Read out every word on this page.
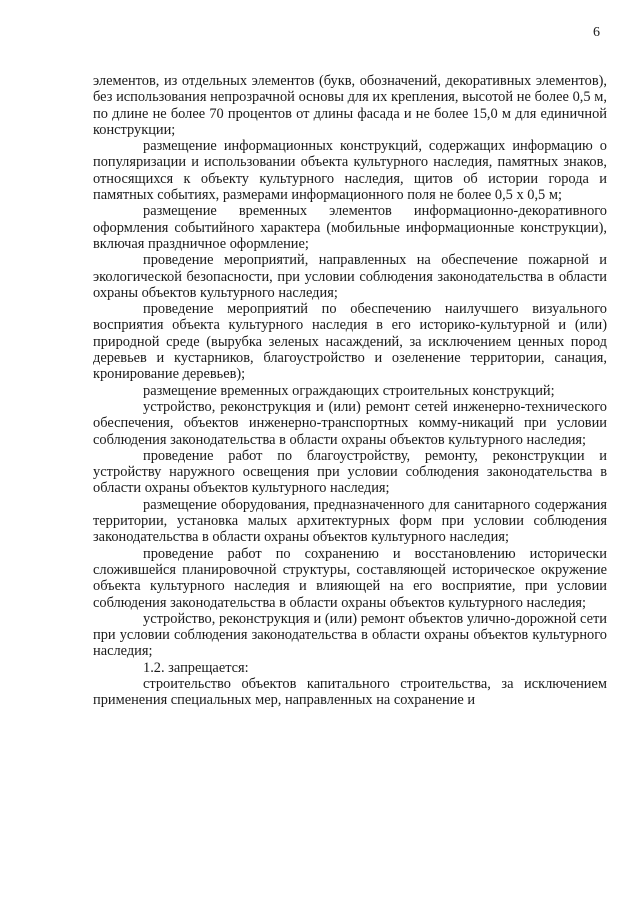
6

элементов, из отдельных элементов (букв, обозначений, декоративных элементов), без использования непрозрачной основы для их крепления, высотой не более 0,5 м, по длине не более 70 процентов от длины фасада и не более 15,0 м для единичной конструкции;

размещение информационных конструкций, содержащих информацию о популяризации и использовании объекта культурного наследия, памятных знаков, относящихся к объекту культурного наследия, щитов об истории города и памятных событиях, размерами информационного поля не более 0,5 х 0,5 м;

размещение временных элементов информационно-декоративного оформления событийного характера (мобильные информационные конструкции), включая праздничное оформление;

проведение мероприятий, направленных на обеспечение пожарной и экологической безопасности, при условии соблюдения законодательства в области охраны объектов культурного наследия;

проведение мероприятий по обеспечению наилучшего визуального восприятия объекта культурного наследия в его историко-культурной и (или) природной среде (вырубка зеленых насаждений, за исключением ценных пород деревьев и кустарников, благоустройство и озеленение территории, санация, кронирование деревьев);

размещение временных ограждающих строительных конструкций;

устройство, реконструкция и (или) ремонт сетей инженерно-технического обеспечения, объектов инженерно-транспортных комму-никаций при условии соблюдения законодательства в области охраны объектов культурного наследия;

проведение работ по благоустройству, ремонту, реконструкции и устройству наружного освещения при условии соблюдения законодательства в области охраны объектов культурного наследия;

размещение оборудования, предназначенного для санитарного содержания территории, установка малых архитектурных форм при условии соблюдения законодательства в области охраны объектов культурного наследия;

проведение работ по сохранению и восстановлению исторически сложившейся планировочной структуры, составляющей историческое окружение объекта культурного наследия и влияющей на его восприятие, при условии соблюдения законодательства в области охраны объектов культурного наследия;

устройство, реконструкция и (или) ремонт объектов улично-дорожной сети при условии соблюдения законодательства в области охраны объектов культурного наследия;

1.2. запрещается:

строительство объектов капитального строительства, за исключением применения специальных мер, направленных на сохранение и
